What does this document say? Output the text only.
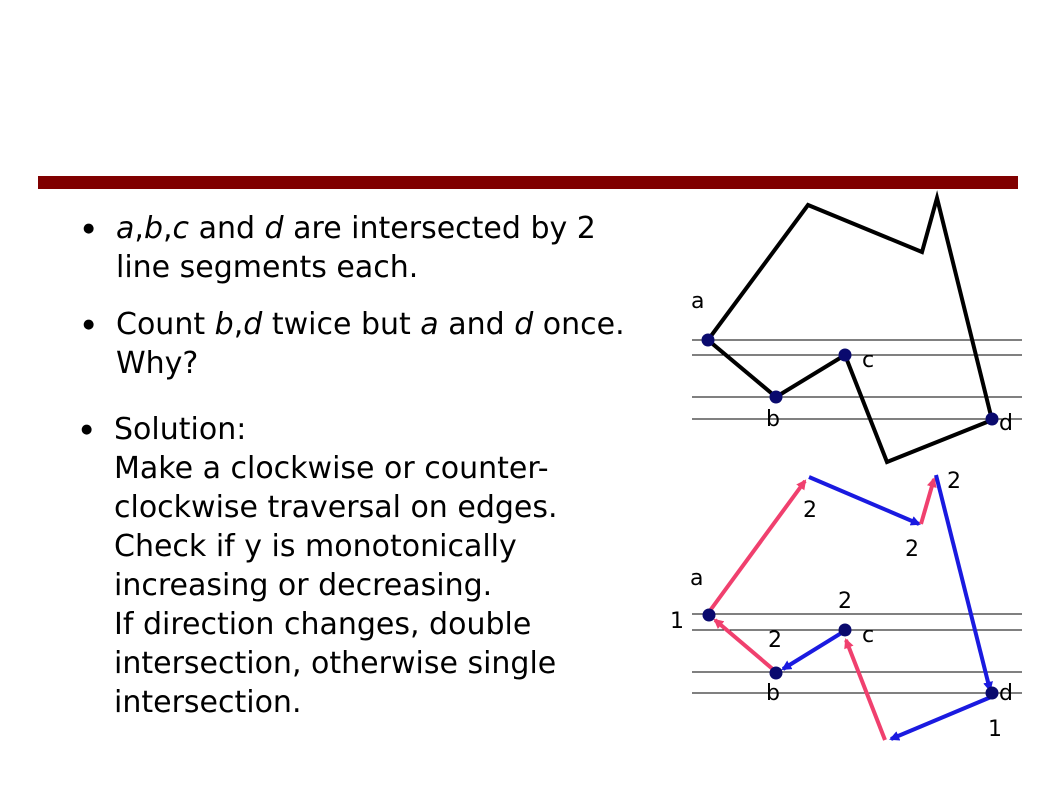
● a,b,c and d are intersected by 2 line segments each.
● Count b,d twice but a and d once. Why?
● Solution:
Make a clockwise or counter-
clockwise traversal on edges.
Check if y is monotonically
increasing or decreasing.
If direction changes, double
intersection, otherwise single
intersection.
a
b
c
d
a
b
c
d
2
2
2
2
2
1
1
